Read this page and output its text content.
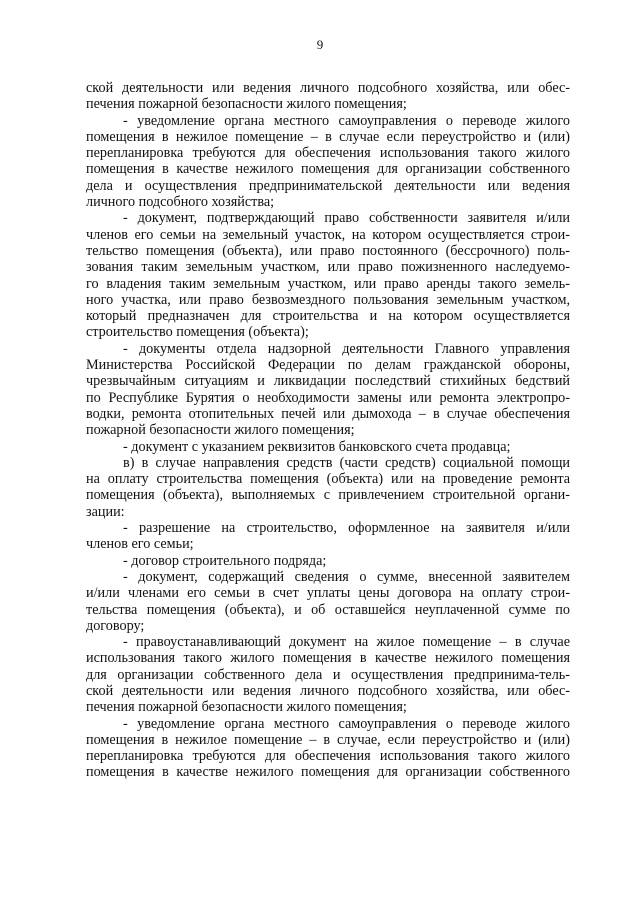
9

ской деятельности или ведения личного подсобного хозяйства, или обес-

печения пожарной безопасности жилого помещения;

- уведомление органа местного самоуправления о переводе жилого

помещения в нежилое помещение – в случае если переустройство и (или)

перепланировка требуются для обеспечения использования такого жилого

помещения в качестве нежилого помещения для организации собственного

дела и осуществления предпринимательской деятельности или ведения

личного подсобного хозяйства;

- документ, подтверждающий право собственности заявителя и/или

членов его семьи на земельный участок, на котором осуществляется строи-

тельство помещения (объекта), или право постоянного (бессрочного) поль-

зования таким земельным участком, или право пожизненного наследуемо-

го владения таким земельным участком, или право аренды такого земель-

ного участка, или право безвозмездного пользования земельным участком,

который предназначен для строительства и на котором осуществляется

строительство помещения (объекта);

- документы отдела надзорной деятельности Главного управления

Министерства Российской Федерации по делам гражданской обороны,

чрезвычайным ситуациям и ликвидации последствий стихийных бедствий

по Республике Бурятия о необходимости замены или ремонта электропро-

водки, ремонта отопительных печей или дымохода – в случае обеспечения

пожарной безопасности жилого помещения;

- документ с указанием реквизитов банковского счета продавца;

в) в случае направления средств (части средств) социальной помощи

на оплату строительства помещения (объекта) или на проведение ремонта

помещения (объекта), выполняемых с привлечением строительной органи-

зации:

- разрешение на строительство, оформленное на заявителя и/или

членов его семьи;

- договор строительного подряда;

- документ, содержащий сведения о сумме, внесенной заявителем

и/или членами его семьи в счет уплаты цены договора на оплату строи-

тельства помещения (объекта), и об оставшейся неуплаченной сумме по

договору;

- правоустанавливающий документ на жилое помещение – в случае

использования такого жилого помещения в качестве нежилого помещения

для организации собственного дела и осуществления предпринима-тель-

ской деятельности или ведения личного подсобного хозяйства, или обес-

печения пожарной безопасности жилого помещения;

- уведомление органа местного самоуправления о переводе жилого

помещения в нежилое помещение – в случае, если переустройство и (или)

перепланировка требуются для обеспечения использования такого жилого

помещения в качестве нежилого помещения для организации собственного
